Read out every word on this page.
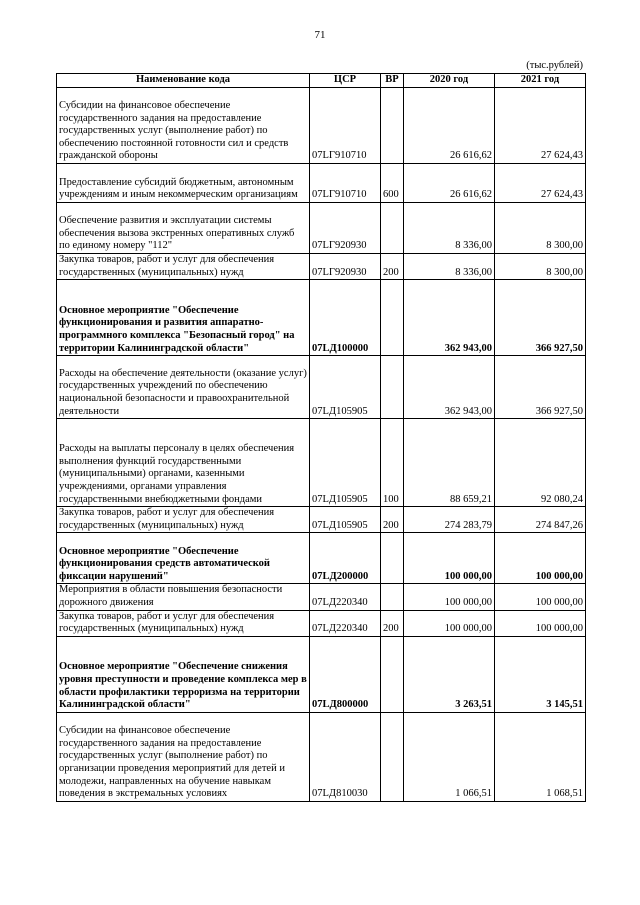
71
(тыс.рублей)
Наименование кода	ЦСР	ВР	2020 год	2021 год
Субсидии на финансовое обеспечение государственного задания на предоставление государственных услуг (выполнение работ) по обеспечению постоянной готовности сил и средств гражданской обороны	07LГ910710		26 616,62	27 624,43
Предоставление субсидий бюджетным, автономным учреждениям и иным некоммерческим организациям	07LГ910710	600	26 616,62	27 624,43
Обеспечение развития и эксплуатации системы обеспечения вызова экстренных оперативных служб по единому номеру "112"	07LГ920930		8 336,00	8 300,00
Закупка товаров, работ и услуг для обеспечения государственных (муниципальных) нужд	07LГ920930	200	8 336,00	8 300,00
Основное мероприятие "Обеспечение функционирования и развития аппаратно-программного комплекса "Безопасный город" на территории Калининградской области"	07LД100000		362 943,00	366 927,50
Расходы на обеспечение деятельности (оказание услуг) государственных учреждений по обеспечению национальной безопасности и правоохранительной деятельности	07LД105905		362 943,00	366 927,50
Расходы на выплаты персоналу в целях обеспечения выполнения функций государственными (муниципальными) органами, казенными учреждениями, органами управления государственными внебюджетными фондами	07LД105905	100	88 659,21	92 080,24
Закупка товаров, работ и услуг для обеспечения государственных (муниципальных) нужд	07LД105905	200	274 283,79	274 847,26
Основное мероприятие "Обеспечение функционирования средств автоматической фиксации нарушений"	07LД200000		100 000,00	100 000,00
Мероприятия в области повышения безопасности дорожного движения	07LД220340		100 000,00	100 000,00
Закупка товаров, работ и услуг для обеспечения государственных (муниципальных) нужд	07LД220340	200	100 000,00	100 000,00
Основное мероприятие "Обеспечение снижения уровня преступности и проведение комплекса мер в области профилактики терроризма на территории Калининградской области"	07LД800000		3 263,51	3 145,51
Субсидии на финансовое обеспечение государственного задания на предоставление государственных услуг (выполнение работ) по организации проведения мероприятий для детей и молодежи, направленных на обучение навыкам поведения в экстремальных условиях	07LД810030		1 066,51	1 068,51
